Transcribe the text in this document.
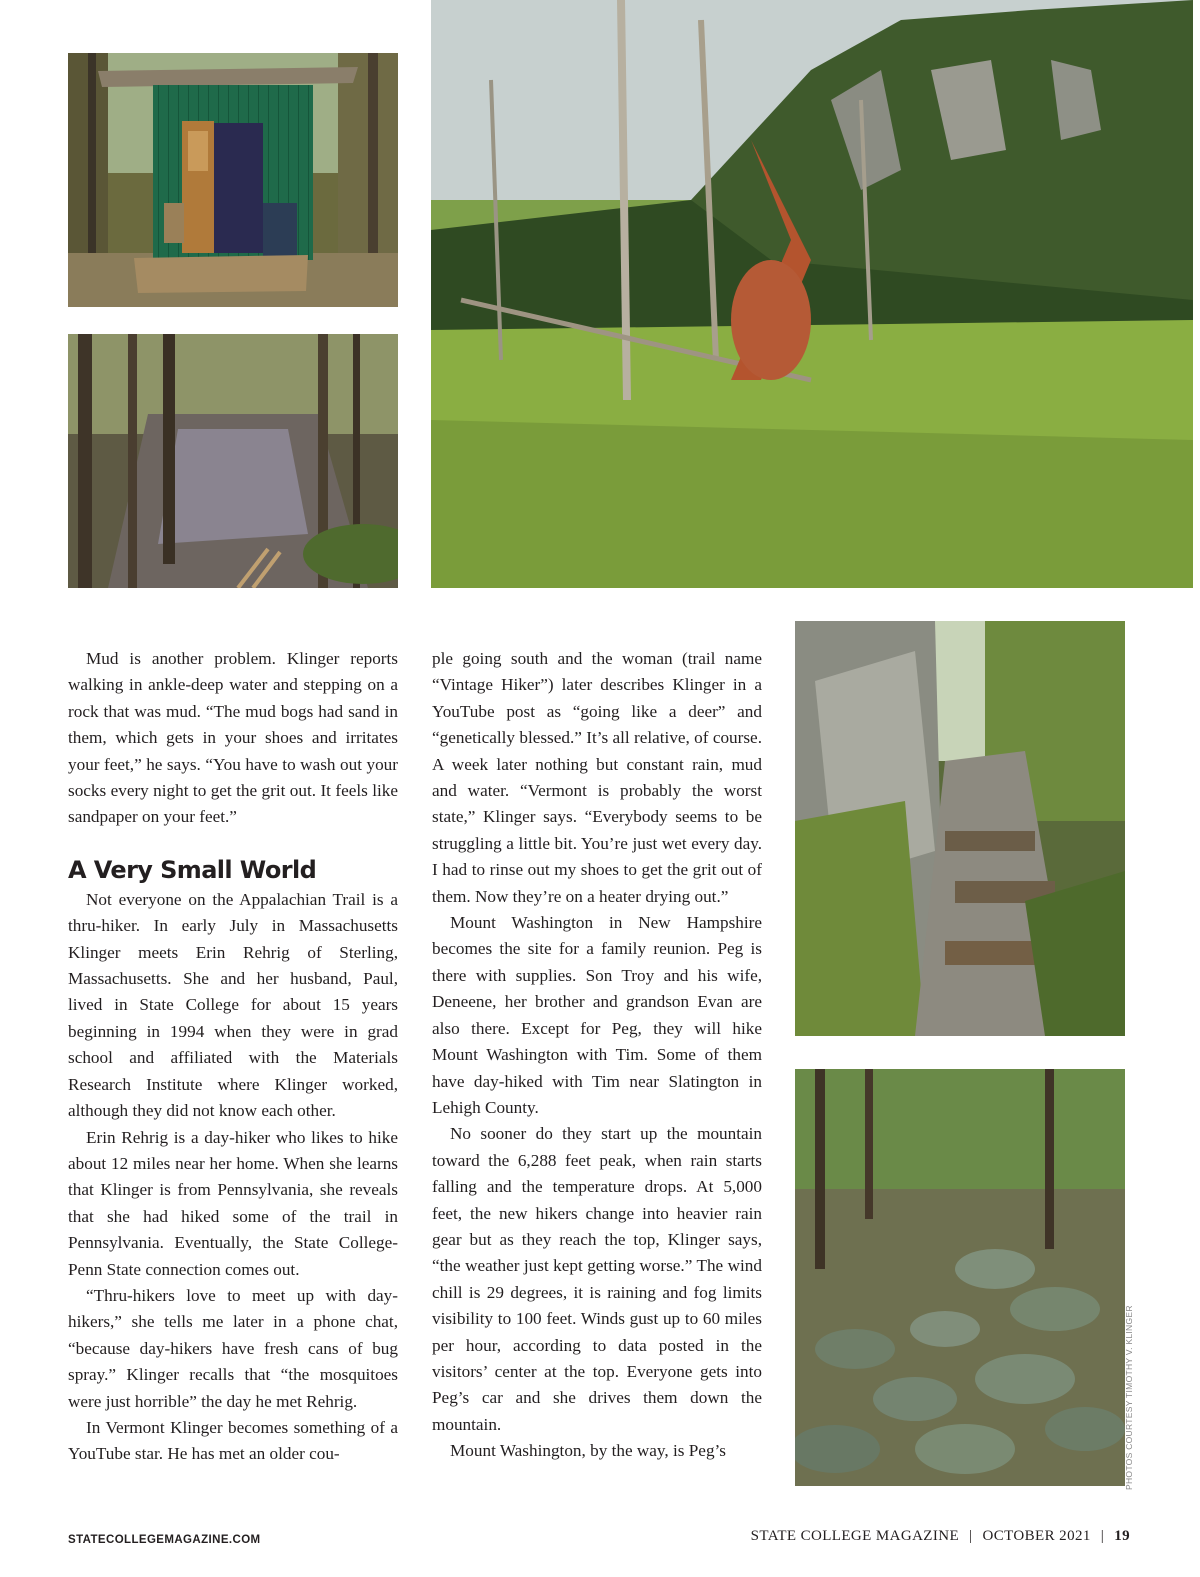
Mud is another problem. Klinger reports walking in ankle-deep water and stepping on a rock that was mud. “The mud bogs had sand in them, which gets in your shoes and irritates your feet,” he says. “You have to wash out your socks every night to get the grit out. It feels like sandpaper on your feet.”

A Very Small World

Not everyone on the Appalachian Trail is a thru-hiker. In early July in Massachusetts Klinger meets Erin Rehrig of Sterling, Massachusetts. She and her husband, Paul, lived in State College for about 15 years beginning in 1994 when they were in grad school and affiliated with the Materials Research Institute where Klinger worked, although they did not know each other.

Erin Rehrig is a day-hiker who likes to hike about 12 miles near her home. When she learns that Klinger is from Pennsylvania, she reveals that she had hiked some of the trail in Pennsylvania. Eventually, the State College-Penn State connection comes out.

“Thru-hikers love to meet up with day-hikers,” she tells me later in a phone chat, “because day-hikers have fresh cans of bug spray.” Klinger recalls that “the mosquitoes were just horrible” the day he met Rehrig.

In Vermont Klinger becomes something of a YouTube star. He has met an older cou-

ple going south and the woman (trail name “Vintage Hiker”) later describes Klinger in a YouTube post as “going like a deer” and “genetically blessed.” It’s all relative, of course. A week later nothing but constant rain, mud and water. “Vermont is probably the worst state,” Klinger says. “Everybody seems to be struggling a little bit. You’re just wet every day. I had to rinse out my shoes to get the grit out of them. Now they’re on a heater drying out.”

Mount Washington in New Hampshire becomes the site for a family reunion. Peg is there with supplies. Son Troy and his wife, Deneene, her brother and grandson Evan are also there. Except for Peg, they will hike Mount Washington with Tim. Some of them have day-hiked with Tim near Slatington in Lehigh County.

No sooner do they start up the mountain toward the 6,288 feet peak, when rain starts falling and the temperature drops. At 5,000 feet, the new hikers change into heavier rain gear but as they reach the top, Klinger says, “the weather just kept getting worse.” The wind chill is 29 degrees, it is raining and fog limits visibility to 100 feet. Winds gust up to 60 miles per hour, according to data posted in the visitors’ center at the top. Everyone gets into Peg’s car and she drives them down the mountain.

Mount Washington, by the way, is Peg’s	PHOTOS COURTESY TIMOTHY V. KLINGER
STATECOLLEGEMAGAZINE.COM	STATE COLLEGE MAGAZINE | OCTOBER 2021 | 19
